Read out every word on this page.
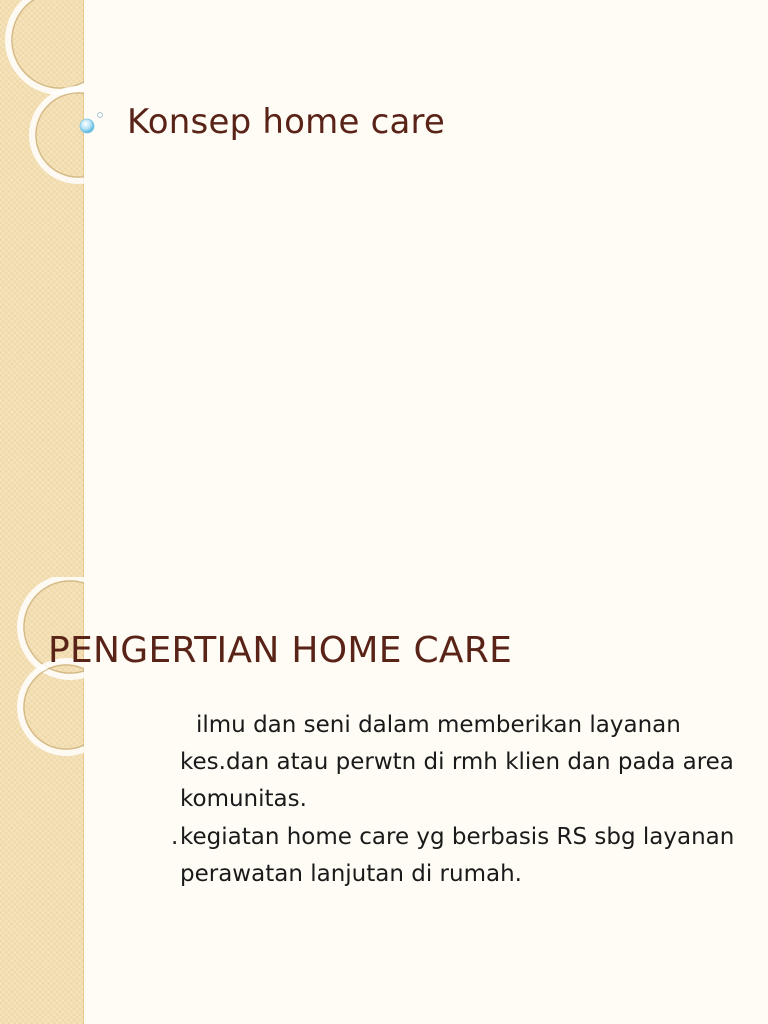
Konsep home care
PENGERTIAN HOME CARE
ilmu dan seni dalam memberikan layanan kes.dan atau perwtn di rmh klien dan pada area komunitas.
. kegiatan home care yg berbasis RS sbg layanan perawatan lanjutan di rumah.
